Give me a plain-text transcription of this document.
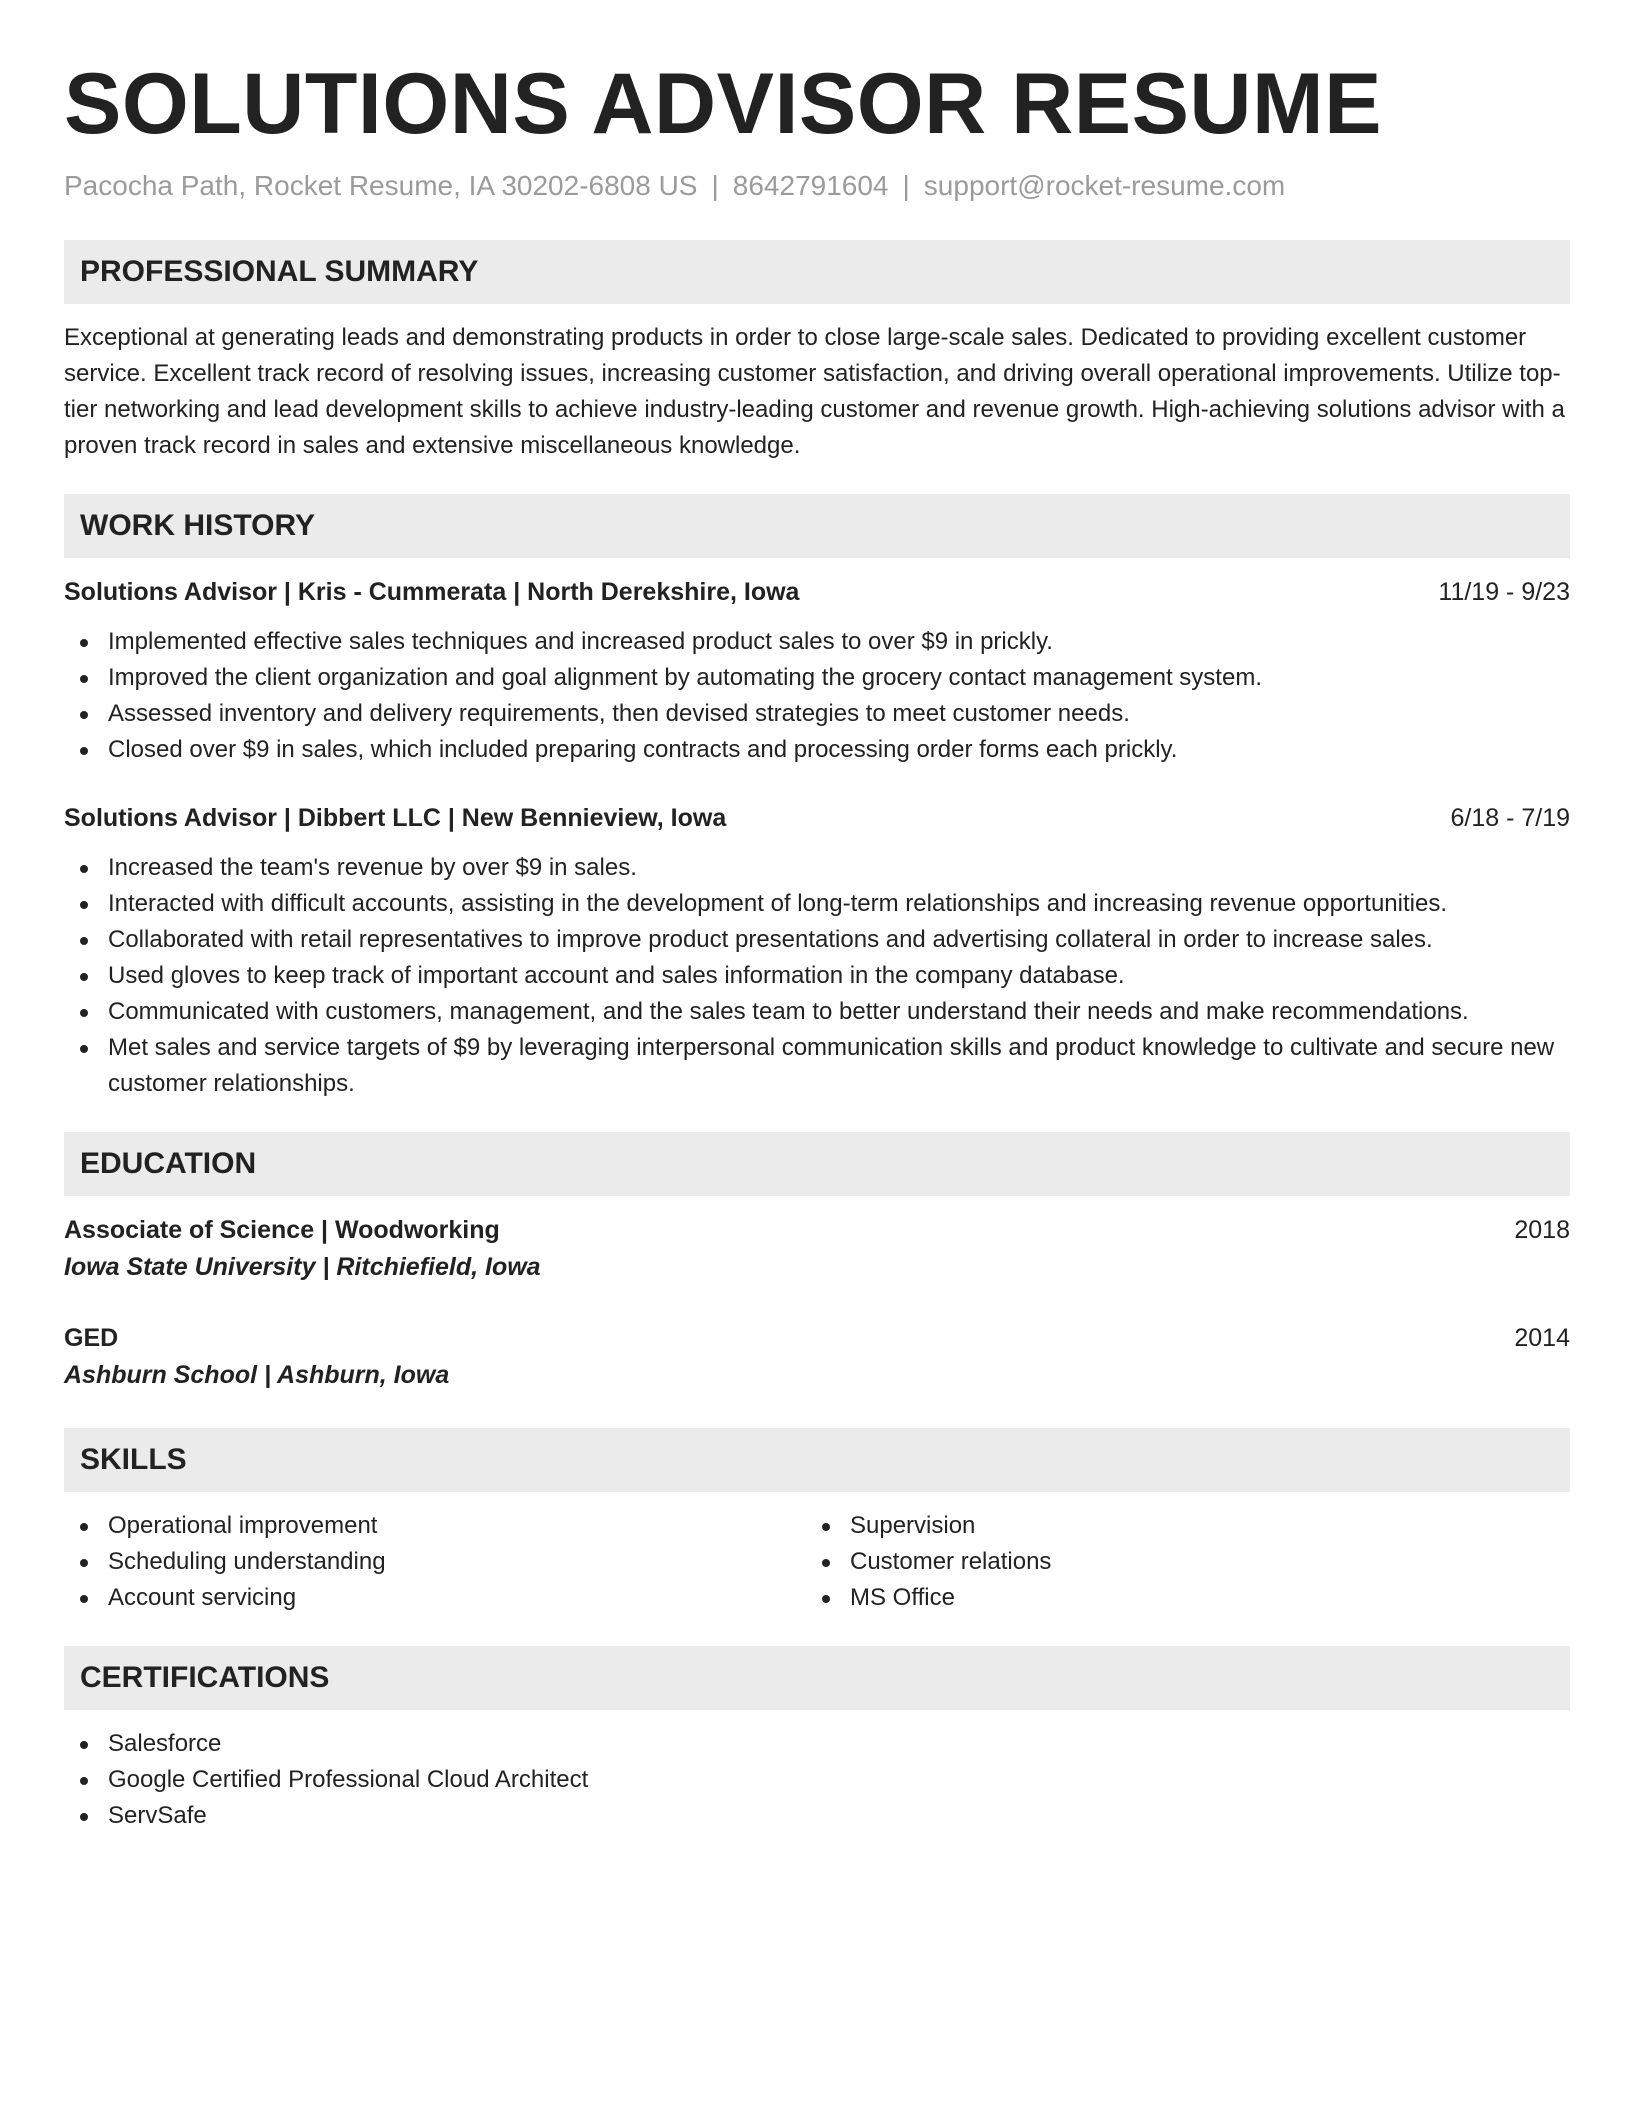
SOLUTIONS ADVISOR RESUME
Pacocha Path, Rocket Resume, IA 30202-6808 US | 8642791604 | support@rocket-resume.com
PROFESSIONAL SUMMARY
Exceptional at generating leads and demonstrating products in order to close large-scale sales. Dedicated to providing excellent customer service. Excellent track record of resolving issues, increasing customer satisfaction, and driving overall operational improvements. Utilize top-tier networking and lead development skills to achieve industry-leading customer and revenue growth. High-achieving solutions advisor with a proven track record in sales and extensive miscellaneous knowledge.
WORK HISTORY
Solutions Advisor | Kris - Cummerata | North Derekshire, Iowa	11/19 - 9/23
Implemented effective sales techniques and increased product sales to over $9 in prickly.
Improved the client organization and goal alignment by automating the grocery contact management system.
Assessed inventory and delivery requirements, then devised strategies to meet customer needs.
Closed over $9 in sales, which included preparing contracts and processing order forms each prickly.
Solutions Advisor | Dibbert LLC | New Bennieview, Iowa	6/18 - 7/19
Increased the team's revenue by over $9 in sales.
Interacted with difficult accounts, assisting in the development of long-term relationships and increasing revenue opportunities.
Collaborated with retail representatives to improve product presentations and advertising collateral in order to increase sales.
Used gloves to keep track of important account and sales information in the company database.
Communicated with customers, management, and the sales team to better understand their needs and make recommendations.
Met sales and service targets of $9 by leveraging interpersonal communication skills and product knowledge to cultivate and secure new customer relationships.
EDUCATION
Associate of Science | Woodworking	2018
Iowa State University | Ritchiefield, Iowa
GED	2014
Ashburn School | Ashburn, Iowa
SKILLS
Operational improvement
Scheduling understanding
Account servicing
Supervision
Customer relations
MS Office
CERTIFICATIONS
Salesforce
Google Certified Professional Cloud Architect
ServSafe
